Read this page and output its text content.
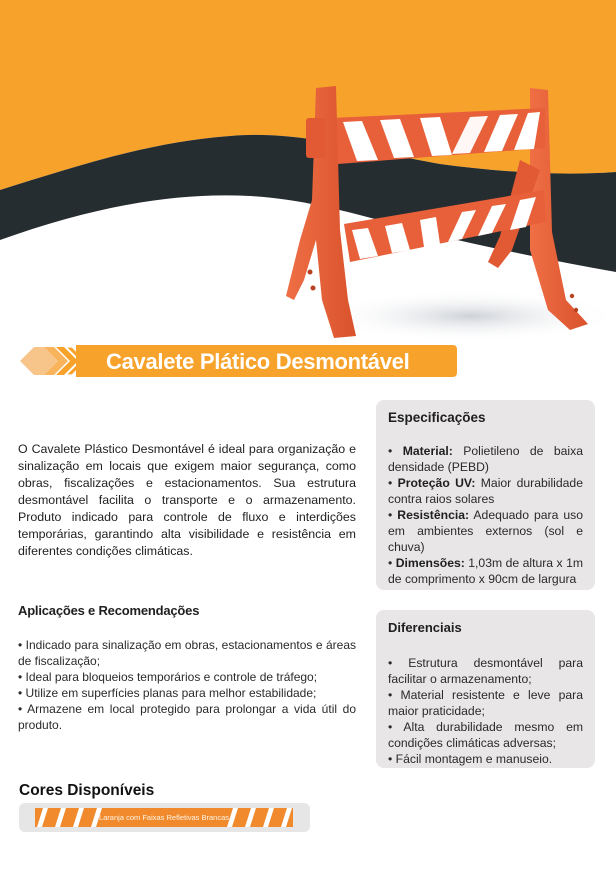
Cavalete Plático Desmontável
O Cavalete Plástico Desmontável é ideal para organização e sinalização em locais que exigem maior segurança, como obras, fiscalizações e estacionamentos. Sua estrutura desmontável facilita o transporte e o armazenamento. Produto indicado para controle de fluxo e interdições temporárias, garantindo alta visibilidade e resistência em diferentes condições climáticas.
Especificações

• Material: Polietileno de baixa densidade (PEBD)

• Proteção UV: Maior durabilidade contra raios solares

• Resistência: Adequado para uso em ambientes externos (sol e chuva)

• Dimensões: 1,03m de altura x 1m de comprimento x 90cm de largura

Aplicações e Recomendações

• Indicado para sinalização em obras, estacionamentos e áreas de fiscalização;

• Ideal para bloqueios temporários e controle de tráfego;

• Utilize em superfícies planas para melhor estabilidade;

• Armazene em local protegido para prolongar a vida útil do produto.

Diferenciais

• Estrutura desmontável para facilitar o armazenamento;

• Material resistente e leve para maior praticidade;

• Alta durabilidade mesmo em condições climáticas adversas;

• Fácil montagem e manuseio.

Cores Disponíveis
Laranja com Faixas Refletivas Brancas
